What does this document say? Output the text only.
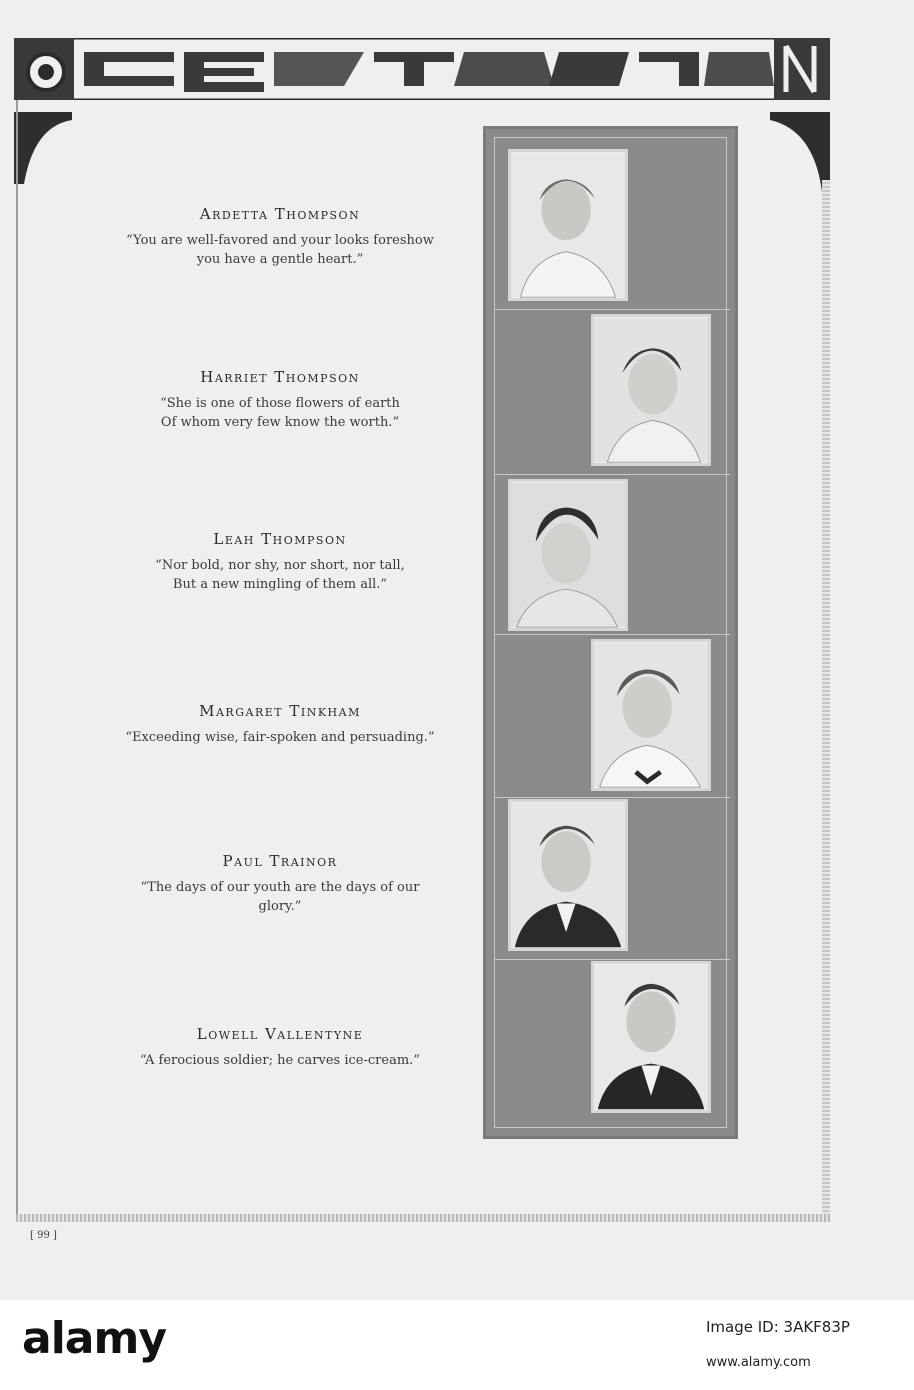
Ardetta Thompson
“You are well-favored and your looks foreshow
you have a gentle heart.”
Harriet Thompson
“She is one of those flowers of earth
Of whom very few know the worth.”
Leah Thompson
“Nor bold, nor shy, nor short, nor tall,
But a new mingling of them all.”
Margaret Tinkham
“Exceeding wise, fair-spoken and persuading.”
Paul Trainor
“The days of our youth are the days of our
glory.”
Lowell Vallentyne
“A ferocious soldier; he carves ice-cream.”
[ 99 ]
alamy	Image ID: 3AKF83P
www.alamy.com
